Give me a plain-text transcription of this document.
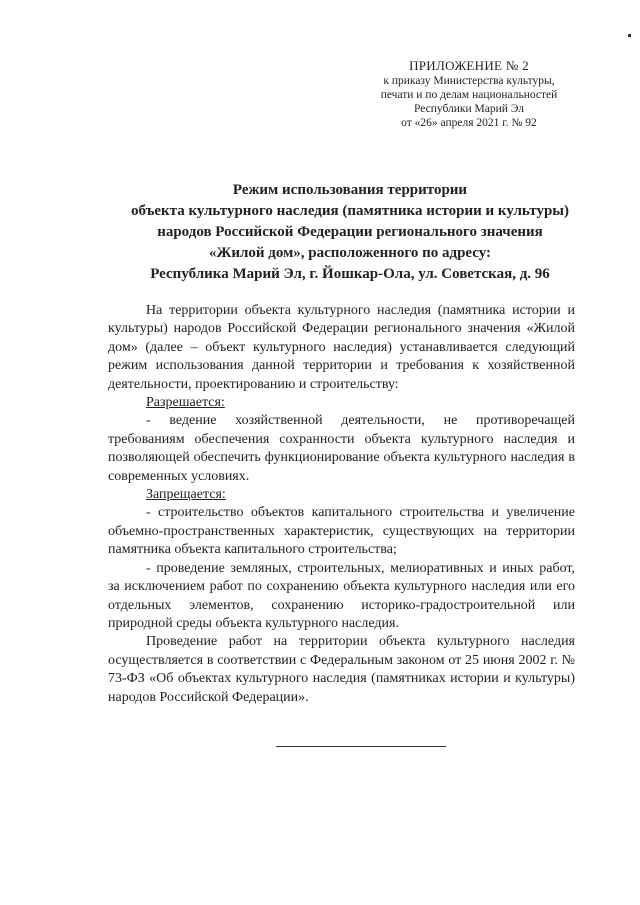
ПРИЛОЖЕНИЕ № 2
к приказу Министерства культуры,
печати и по делам национальностей
Республики Марий Эл
от «26» апреля 2021 г. № 92
Режим использования территории
объекта культурного наследия (памятника истории и культуры)
народов Российской Федерации регионального значения
«Жилой дом», расположенного по адресу:
Республика Марий Эл, г. Йошкар-Ола, ул. Советская, д. 96
На территории объекта культурного наследия (памятника истории и культуры) народов Российской Федерации регионального значения «Жилой дом» (далее – объект культурного наследия) устанавливается следующий режим использования данной территории и требования к хозяйственной деятельности, проектированию и строительству:
Разрешается:
- ведение хозяйственной деятельности, не противоречащей требованиям обеспечения сохранности объекта культурного наследия и позволяющей обеспечить функционирование объекта культурного наследия в современных условиях.
Запрещается:
- строительство объектов капитального строительства и увеличение объемно-пространственных характеристик, существующих на территории памятника объекта капитального строительства;
- проведение земляных, строительных, мелиоративных и иных работ, за исключением работ по сохранению объекта культурного наследия или его отдельных элементов, сохранению историко-градостроительной или природной среды объекта культурного наследия.
Проведение работ на территории объекта культурного наследия осуществляется в соответствии с Федеральным законом от 25 июня 2002 г. № 73-ФЗ «Об объектах культурного наследия (памятниках истории и культуры) народов Российской Федерации».
